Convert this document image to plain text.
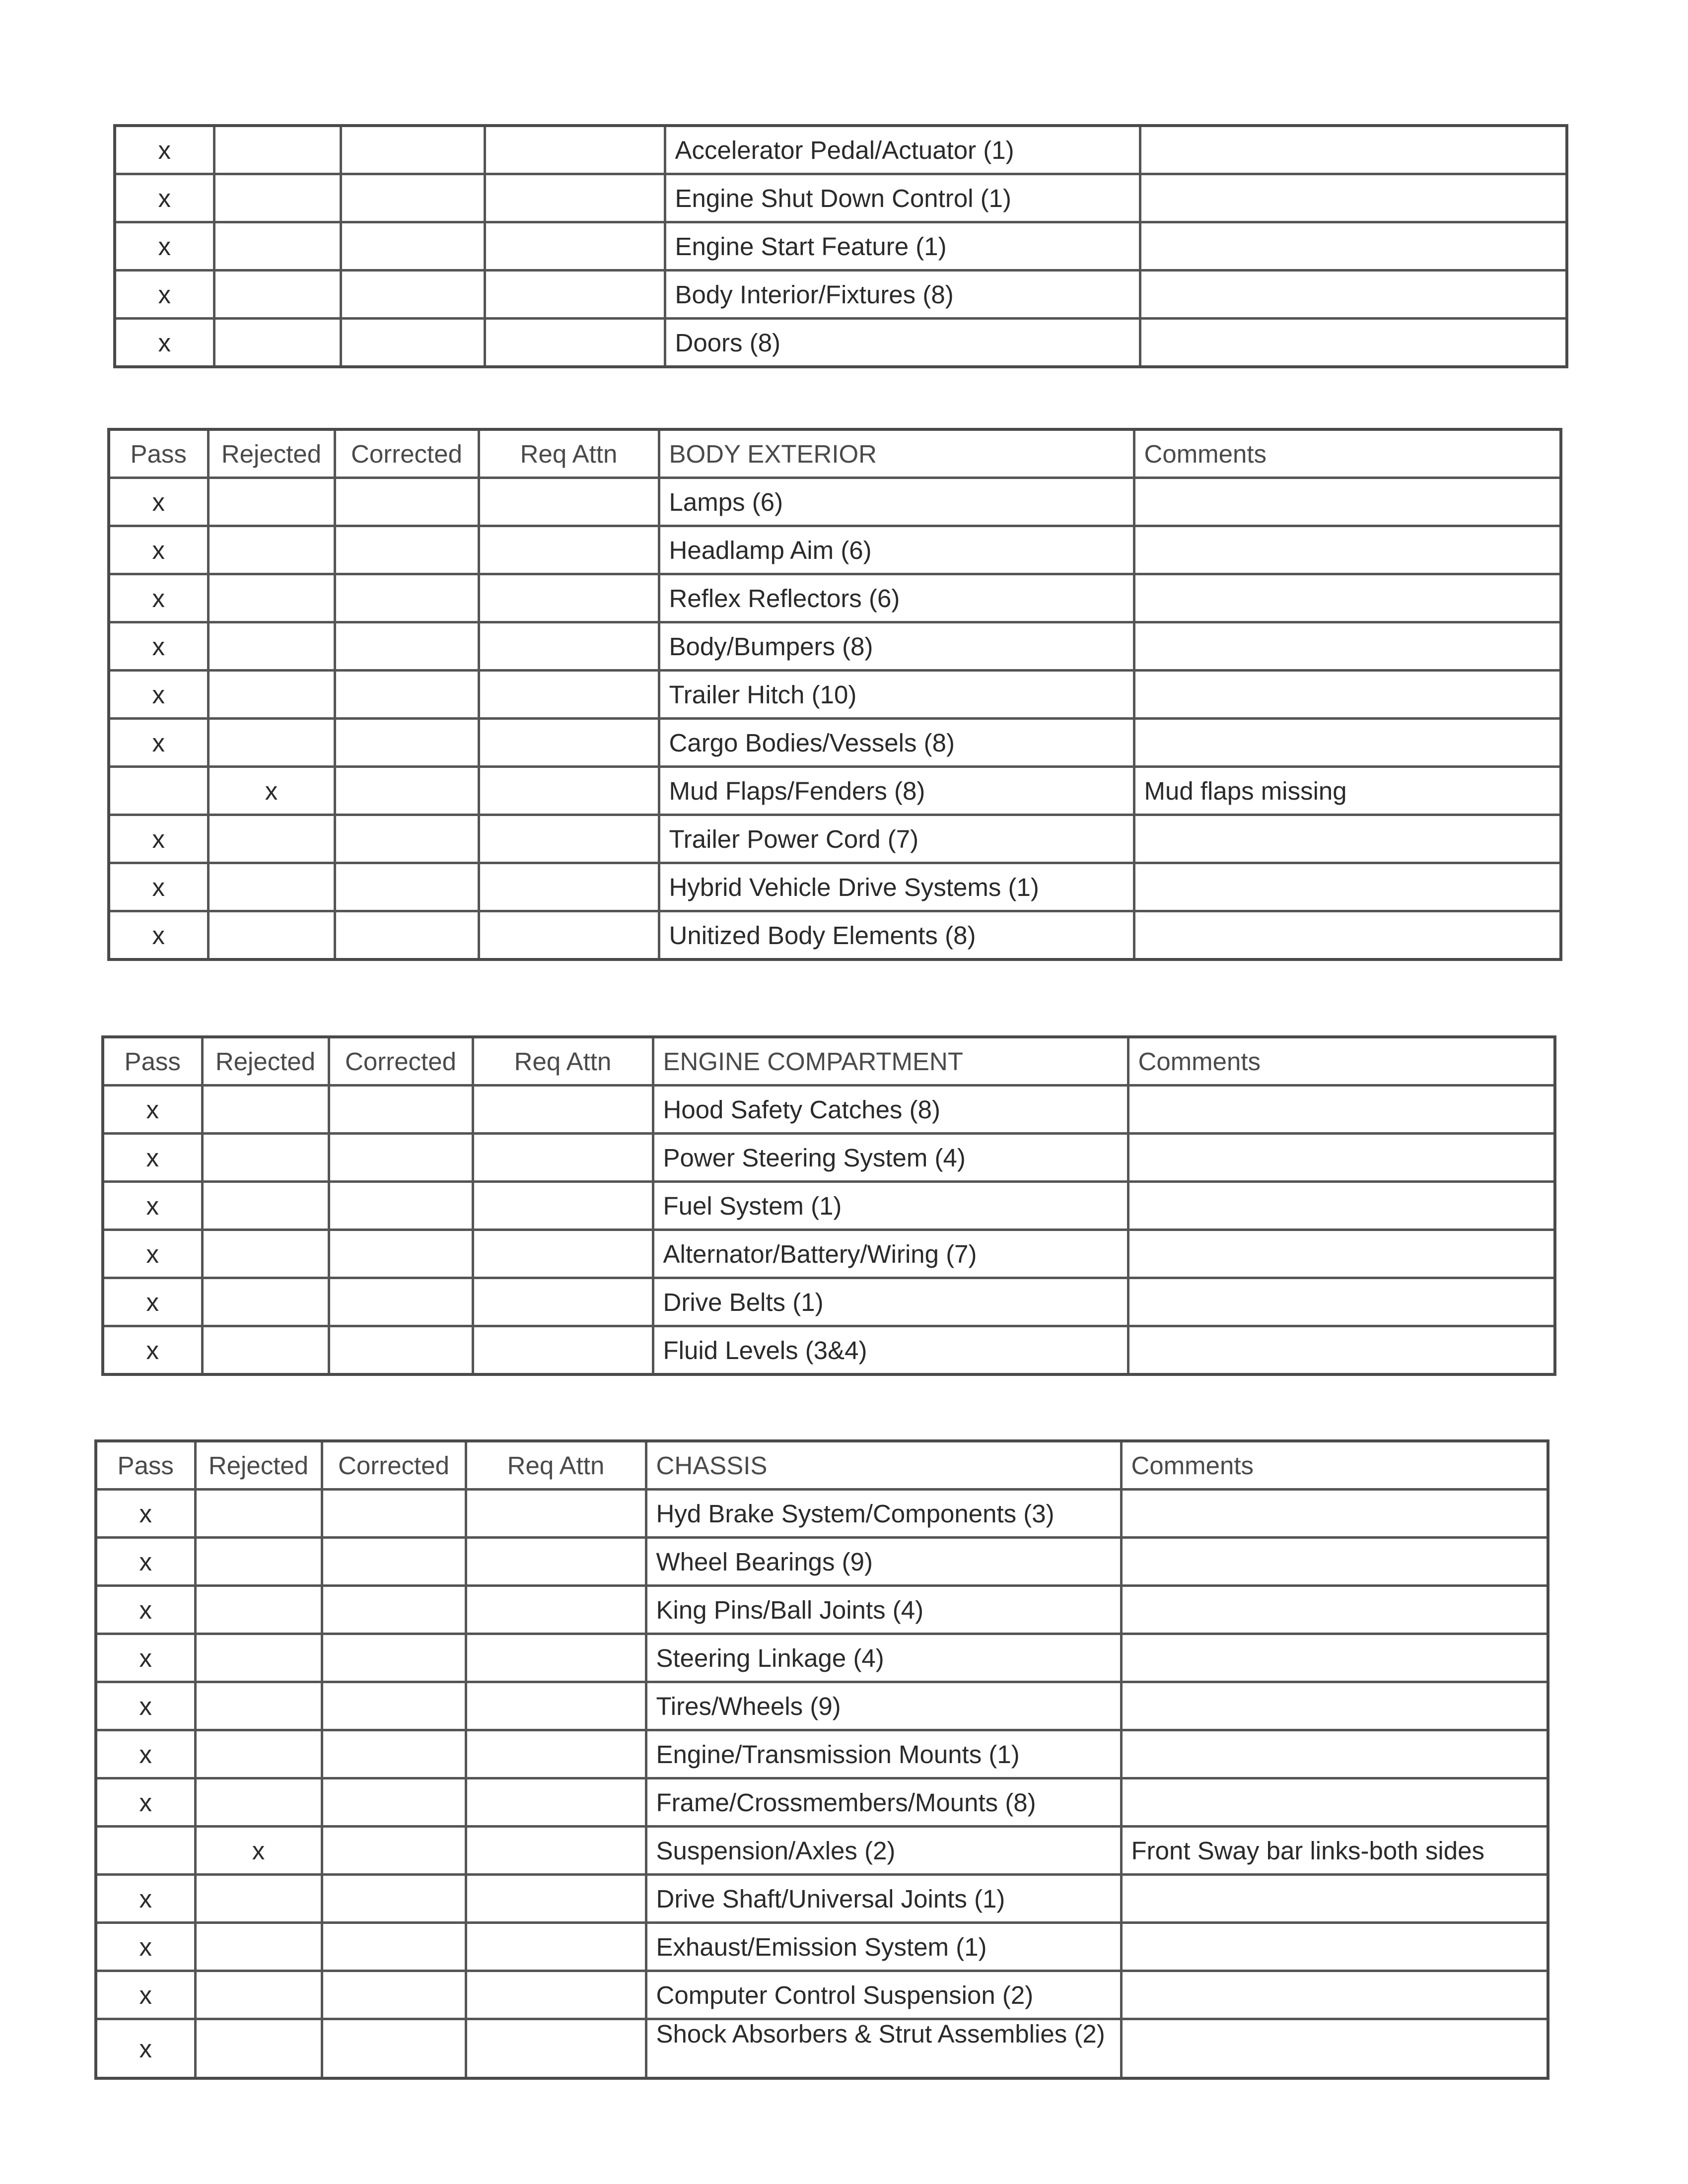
x				Accelerator Pedal/Actuator (1)	
x				Engine Shut Down Control (1)	
x				Engine Start Feature (1)	
x				Body Interior/Fixtures (8)	
x				Doors (8)	
Pass	Rejected	Corrected	Req Attn	BODY EXTERIOR	Comments
x				Lamps (6)	
x				Headlamp Aim (6)	
x				Reflex Reflectors (6)	
x				Body/Bumpers (8)	
x				Trailer Hitch (10)	
x				Cargo Bodies/Vessels (8)	
	x			Mud Flaps/Fenders (8)	Mud flaps missing
x				Trailer Power Cord (7)	
x				Hybrid Vehicle Drive Systems (1)	
x				Unitized Body Elements (8)	
Pass	Rejected	Corrected	Req Attn	ENGINE COMPARTMENT	Comments
x				Hood Safety Catches (8)	
x				Power Steering System (4)	
x				Fuel System (1)	
x				Alternator/Battery/Wiring (7)	
x				Drive Belts (1)	
x				Fluid Levels (3&4)	
Pass	Rejected	Corrected	Req Attn	CHASSIS	Comments
x				Hyd Brake System/Components (3)	
x				Wheel Bearings (9)	
x				King Pins/Ball Joints (4)	
x				Steering Linkage (4)	
x				Tires/Wheels (9)	
x				Engine/Transmission Mounts (1)	
x				Frame/Crossmembers/Mounts (8)	
	x			Suspension/Axles (2)	Front Sway bar links-both sides
x				Drive Shaft/Universal Joints (1)	
x				Exhaust/Emission System (1)	
x				Computer Control Suspension (2)	
x				Shock Absorbers & Strut Assemblies (2)	
